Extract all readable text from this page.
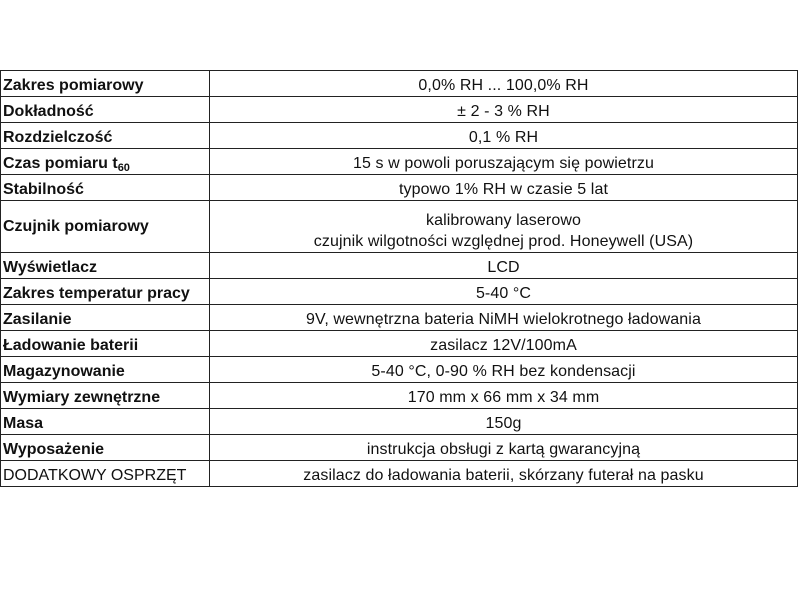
Zakres pomiarowy	0,0% RH ... 100,0% RH
Dokładność	± 2 - 3 % RH
Rozdzielczość	0,1 % RH
Czas pomiaru $t_{60}$	15 s w powoli poruszającym się powietrzu
Stabilność	typowo 1% RH w czasie 5 lat
Czujnik pomiarowy	kalibrowany laserowo
czujnik wilgotności względnej prod. Honeywell (USA)

Wyświetlacz	LCD
Zakres temperatur pracy	5-40 °C
Zasilanie	9V, wewnętrzna bateria NiMH wielokrotnego ładowania
Ładowanie baterii	zasilacz 12V/100mA
Magazynowanie	5-40 °C, 0-90 % RH bez kondensacji
Wymiary zewnętrzne	170 mm x 66 mm x 34 mm
Masa	150g
Wyposażenie	instrukcja obsługi z kartą gwarancyjną
DODATKOWY OSPRZĘT	zasilacz do ładowania baterii, skórzany futerał na pasku
